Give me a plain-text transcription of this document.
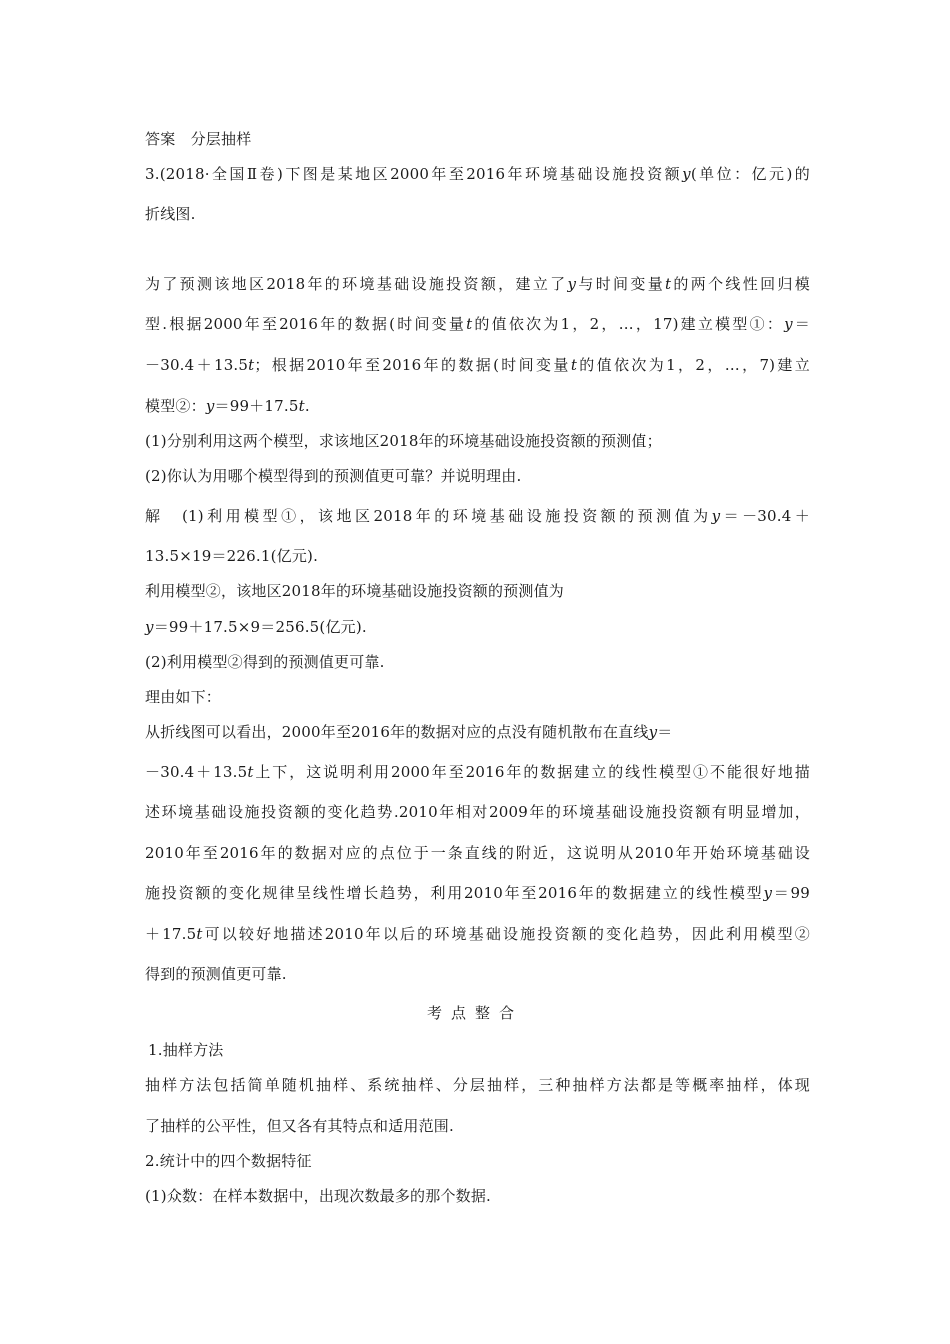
答案　分层抽样
3.(2018·全国Ⅱ卷)下图是某地区2000年至2016年环境基础设施投资额y(单位：亿元)的
折线图.
为了预测该地区2018年的环境基础设施投资额，建立了y与时间变量t的两个线性回归模
型.根据2000年至2016年的数据(时间变量t的值依次为1，2，…，17)建立模型①：y＝
－30.4＋13.5t；根据2010年至2016年的数据(时间变量t的值依次为1，2，…，7)建立
模型②：y＝99＋17.5t.
(1)分别利用这两个模型，求该地区2018年的环境基础设施投资额的预测值；
(2)你认为用哪个模型得到的预测值更可靠？并说明理由.
解　(1)利用模型①，该地区2018年的环境基础设施投资额的预测值为y＝－30.4＋
13.5×19＝226.1(亿元).
利用模型②，该地区2018年的环境基础设施投资额的预测值为
y＝99＋17.5×9＝256.5(亿元).
(2)利用模型②得到的预测值更可靠.
理由如下：
从折线图可以看出，2000年至2016年的数据对应的点没有随机散布在直线y＝
－30.4＋13.5t上下，这说明利用2000年至2016年的数据建立的线性模型①不能很好地描
述环境基础设施投资额的变化趋势.2010年相对2009年的环境基础设施投资额有明显增加，
2010年至2016年的数据对应的点位于一条直线的附近，这说明从2010年开始环境基础设
施投资额的变化规律呈线性增长趋势，利用2010年至2016年的数据建立的线性模型y＝99
＋17.5t可以较好地描述2010年以后的环境基础设施投资额的变化趋势，因此利用模型②
得到的预测值更可靠.
考点整合
1.抽样方法
抽样方法包括简单随机抽样、系统抽样、分层抽样，三种抽样方法都是等概率抽样，体现
了抽样的公平性，但又各有其特点和适用范围.
2.统计中的四个数据特征
(1)众数：在样本数据中，出现次数最多的那个数据.
